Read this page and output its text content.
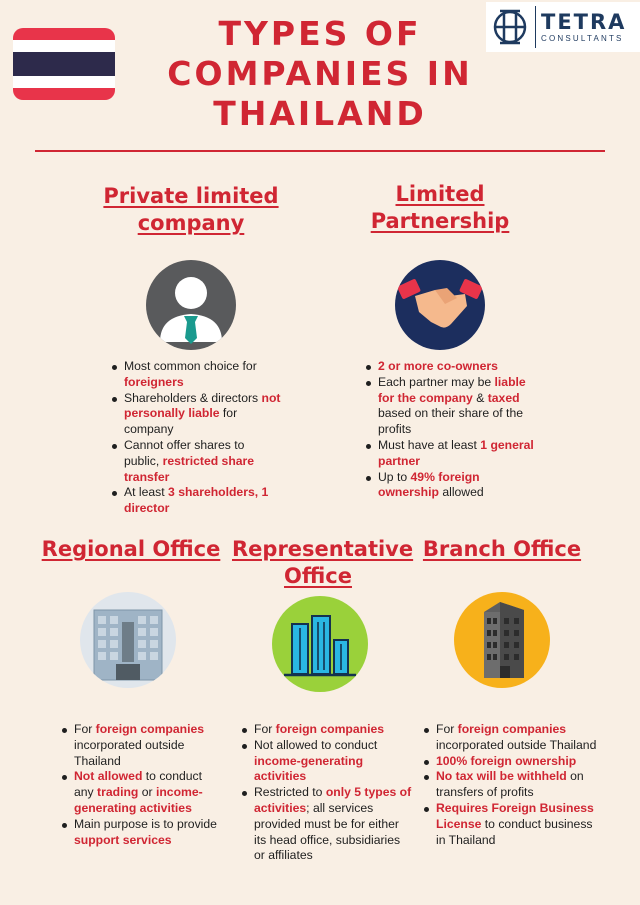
TYPES OF
COMPANIES IN
THAILAND
TETRA
CONSULTANTS
Private limited
company
Most common choice for foreigners
Shareholders & directors not personally liable for company
Cannot offer shares to public, restricted share transfer
At least 3 shareholders, 1 director
Limited
Partnership
2 or more co-owners
Each partner may be liable for the company & taxed based on their share of the profits
Must have at least 1 general partner
Up to 49% foreign ownership allowed
Regional Office
For foreign companies incorporated outside Thailand
Not allowed to conduct any trading or income-generating activities
Main purpose is to provide support services
Representative
Office
For foreign companies
Not allowed to conduct income-generating activities
Restricted to only 5 types of activities; all services provided must be for either its head office, subsidiaries or affiliates
Branch Office
For foreign companies incorporated outside Thailand
100% foreign ownership
No tax will be withheld on transfers of profits
Requires Foreign Business License to conduct business in Thailand
